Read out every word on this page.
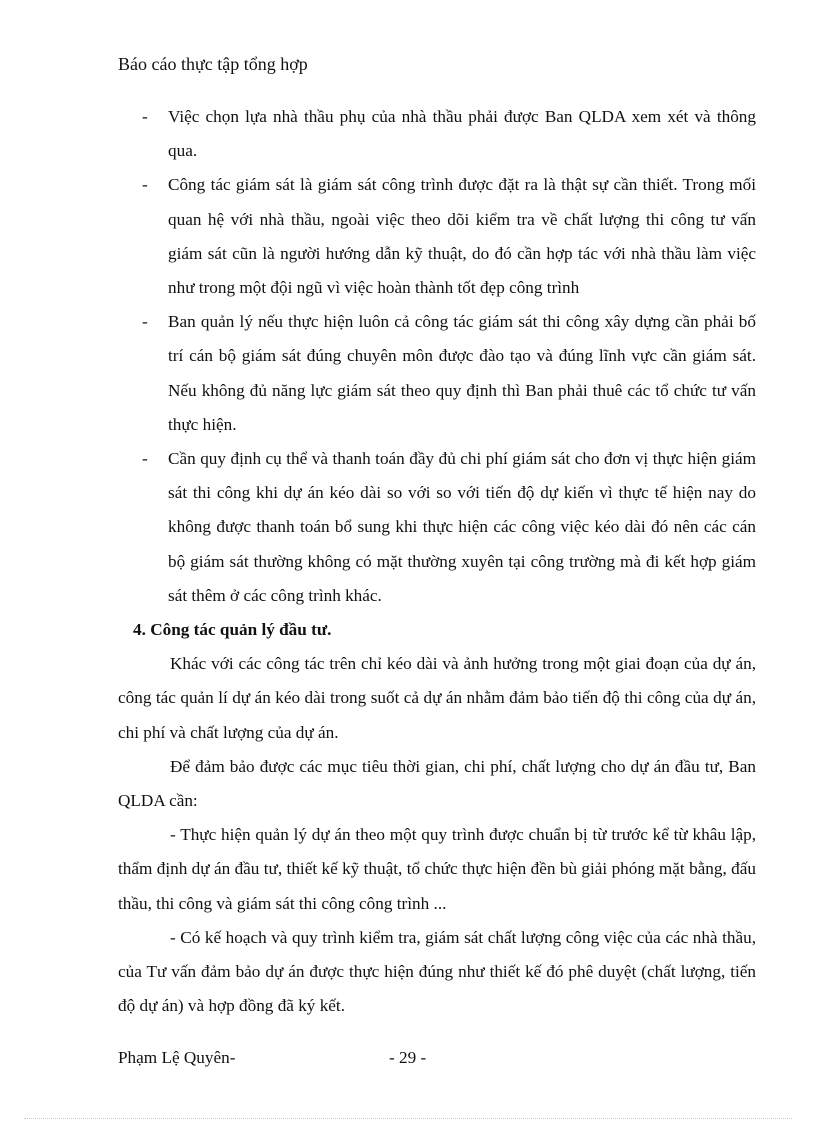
Báo cáo thực tập tổng hợp
- Việc chọn lựa nhà thầu phụ của nhà thầu phải được Ban QLDA xem xét và thông qua.
- Công tác giám sát là giám sát công trình được đặt ra là thật sự cần thiết. Trong mối quan hệ với nhà thầu, ngoài việc theo dõi kiểm tra về chất lượng thi công tư vấn giám sát cũn là người hướng dẫn kỹ thuật, do đó cần hợp tác với nhà thầu làm việc như trong một đội ngũ vì việc hoàn thành tốt đẹp công trình
- Ban quản lý nếu thực hiện luôn cả công tác giám sát thi công xây dựng cần phải bố trí cán bộ giám sát đúng chuyên môn được đào tạo và đúng lĩnh vực cần giám sát. Nếu không đủ năng lực giám sát theo quy định thì Ban phải thuê các tổ chức tư vấn thực hiện.
- Cần quy định cụ thể và thanh toán đầy đủ chi phí giám sát cho đơn vị thực hiện giám sát thi công khi dự án kéo dài so với so với tiến độ dự kiến vì thực tế hiện nay do không được thanh toán bổ sung khi thực hiện các công việc kéo dài đó nên các cán bộ giám sát thường không có mặt thường xuyên tại công trường mà đi kết hợp giám sát thêm ở các công trình khác.
4. Công tác quản lý đầu tư.

Khác với các công tác trên chỉ kéo dài và ảnh hưởng trong một giai đoạn của dự án, công tác quản lí dự án kéo dài trong suốt cả dự án nhằm đảm bảo tiến độ thi công của dự án, chi phí và chất lượng của dự án.

Để đảm bảo được các mục tiêu thời gian, chi phí, chất lượng cho dự án đầu tư, Ban QLDA cần:

- Thực hiện quản lý dự án theo một quy trình được chuẩn bị từ trước kể từ khâu lập, thẩm định dự án đầu tư, thiết kế kỹ thuật, tổ chức thực hiện đền bù giải phóng mặt bằng, đấu thầu, thi công và giám sát thi công công trình ...

- Có kế hoạch và quy trình kiểm tra, giám sát chất lượng công việc của các nhà thầu, của Tư vấn đảm bảo dự án được thực hiện đúng như thiết kế đó phê duyệt (chất lượng, tiến độ dự án) và hợp đồng đã ký kết.

Phạm Lệ Quyên-	- 29 -
